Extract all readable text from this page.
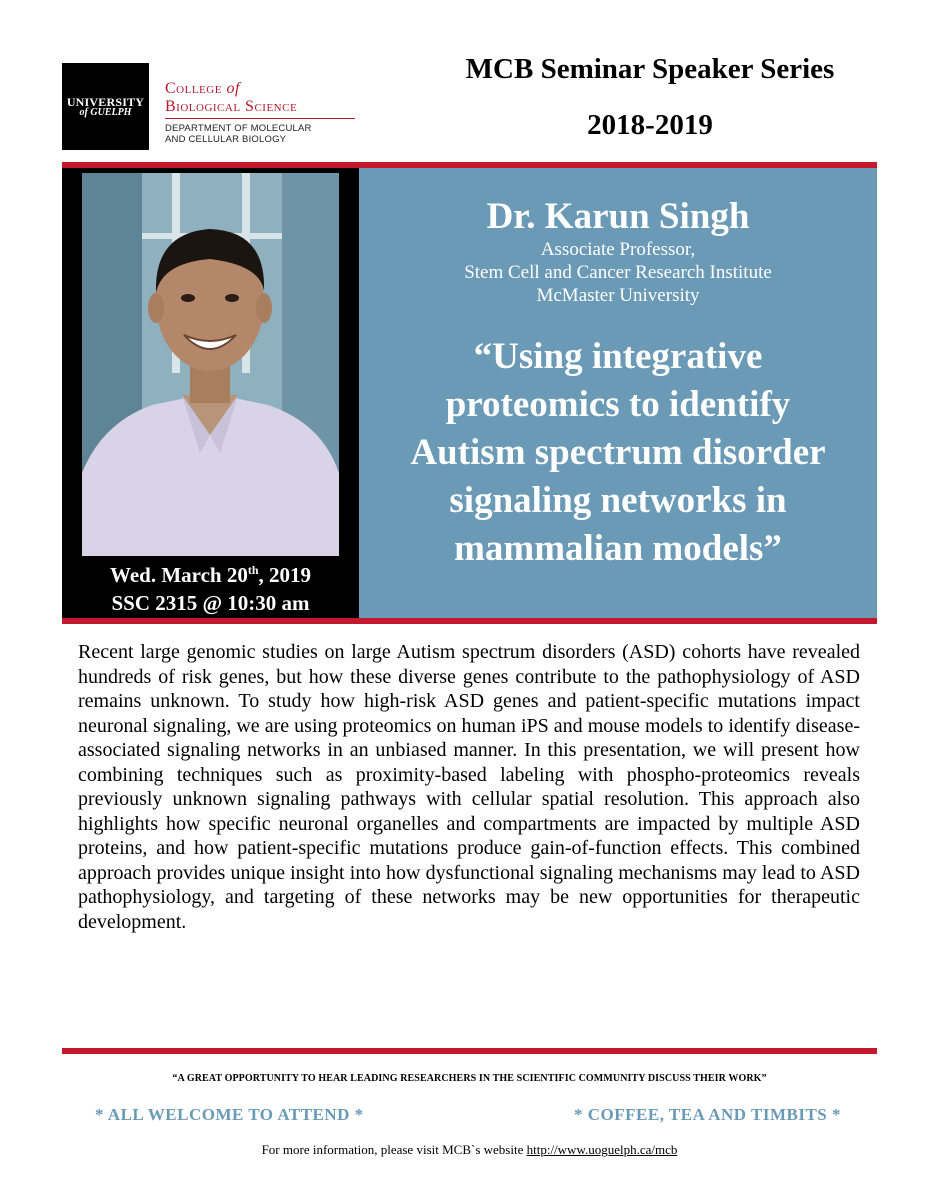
UNIVERSITY
of GUELPH
College of
Biological Science
DEPARTMENT OF MOLECULAR
AND CELLULAR BIOLOGY
MCB Seminar Speaker Series
2018-2019
Wed. March 20th, 2019
SSC 2315 @ 10:30 am
Dr. Karun Singh
Associate Professor,
Stem Cell and Cancer Research Institute
McMaster University
“Using integrative
proteomics to identify
Autism spectrum disorder
signaling networks in
mammalian models”
Recent large genomic studies on large Autism spectrum disorders (ASD) cohorts have revealed hundreds of risk genes, but how these diverse genes contribute to the pathophysiology of ASD remains unknown. To study how high-risk ASD genes and patient-specific mutations impact neuronal signaling, we are using proteomics on human iPS and mouse models to identify disease-associated signaling networks in an unbiased manner. In this presentation, we will present how combining techniques such as proximity-based labeling with phospho-proteomics reveals previously unknown signaling pathways with cellular spatial resolution. This approach also highlights how specific neuronal organelles and compartments are impacted by multiple ASD proteins, and how patient-specific mutations produce gain-of-function effects. This combined approach provides unique insight into how dysfunctional signaling mechanisms may lead to ASD pathophysiology, and targeting of these networks may be new opportunities for therapeutic development.
“A GREAT OPPORTUNITY TO HEAR LEADING RESEARCHERS IN THE SCIENTIFIC COMMUNITY DISCUSS THEIR WORK”
* ALL WELCOME TO ATTEND *	* COFFEE, TEA AND TIMBITS *
For more information, please visit MCB`s website http://www.uoguelph.ca/mcb
